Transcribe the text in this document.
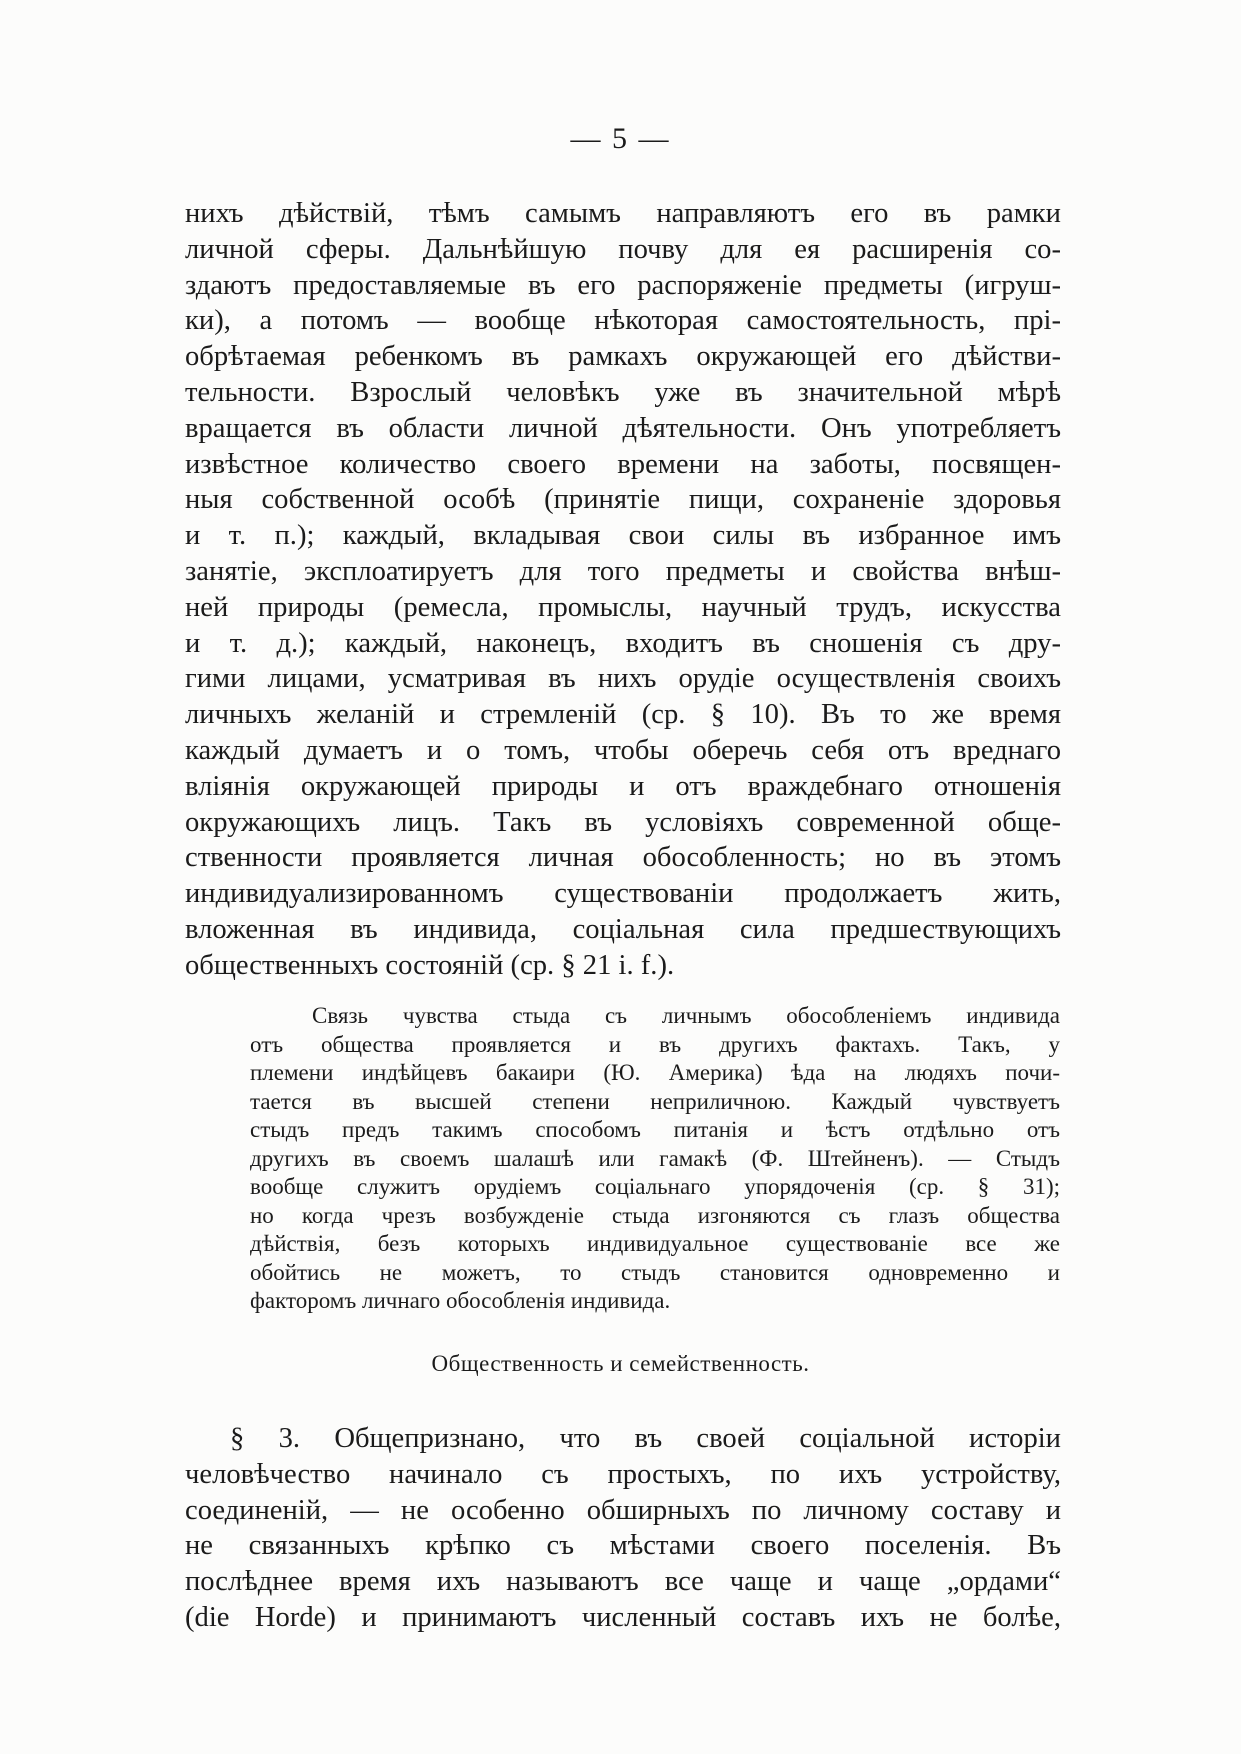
— 5 —
нихъ дѣйствій, тѣмъ самымъ направляютъ его въ рамки
личной сферы. Дальнѣйшую почву для ея расширенія со-
здаютъ предоставляемые въ его распоряженіе предметы (игруш-
ки), а потомъ — вообще нѣкоторая самостоятельность, прі-
обрѣтаемая ребенкомъ въ рамкахъ окружающей его дѣйстви-
тельности. Взрослый человѣкъ уже въ значительной мѣрѣ
вращается въ области личной дѣятельности. Онъ употребляетъ
извѣстное количество своего времени на заботы, посвящен-
ныя собственной особѣ (принятіе пищи, сохраненіе здоровья
и т. п.); каждый, вкладывая свои силы въ избранное имъ
занятіе, эксплоатируетъ для того предметы и свойства внѣш-
ней природы (ремесла, промыслы, научный трудъ, искусства
и т. д.); каждый, наконецъ, входитъ въ сношенія съ дру-
гими лицами, усматривая въ нихъ орудіе осуществленія своихъ
личныхъ желаній и стремленій (ср. § 10). Въ то же время
каждый думаетъ и о томъ, чтобы оберечь себя отъ вреднаго
вліянія окружающей природы и отъ враждебнаго отношенія
окружающихъ лицъ. Такъ въ условіяхъ современной обще-
ственности проявляется личная обособленность; но въ этомъ
индивидуализированномъ существованіи продолжаетъ жить,
вложенная въ индивида, соціальная сила предшествующихъ
общественныхъ состояній (ср. § 21 i. f.).
Связь чувства стыда съ личнымъ обособленіемъ индивида
отъ общества проявляется и въ другихъ фактахъ. Такъ, у
племени индѣйцевъ бакаири (Ю. Америка) ѣда на людяхъ почи-
тается въ высшей степени неприличною. Каждый чувствуетъ
стыдъ предъ такимъ способомъ питанія и ѣстъ отдѣльно отъ
другихъ въ своемъ шалашѣ или гамакѣ (Ф. Штейненъ). — Стыдъ
вообще служитъ орудіемъ соціальнаго упорядоченія (ср. § 31);
но когда чрезъ возбужденіе стыда изгоняются съ глазъ общества
дѣйствія, безъ которыхъ индивидуальное существованіе все же
обойтись не можетъ, то стыдъ становится одновременно и
факторомъ личнаго обособленія индивида.
Общественность и семейственность.
§ 3. Общепризнано, что въ своей соціальной исторіи
человѣчество начинало съ простыхъ, по ихъ устройству,
соединеній, — не особенно обширныхъ по личному составу и
не связанныхъ крѣпко съ мѣстами своего поселенія. Въ
послѣднее время ихъ называютъ все чаще и чаще „ордами“
(die Horde) и принимаютъ численный составъ ихъ не болѣе,
